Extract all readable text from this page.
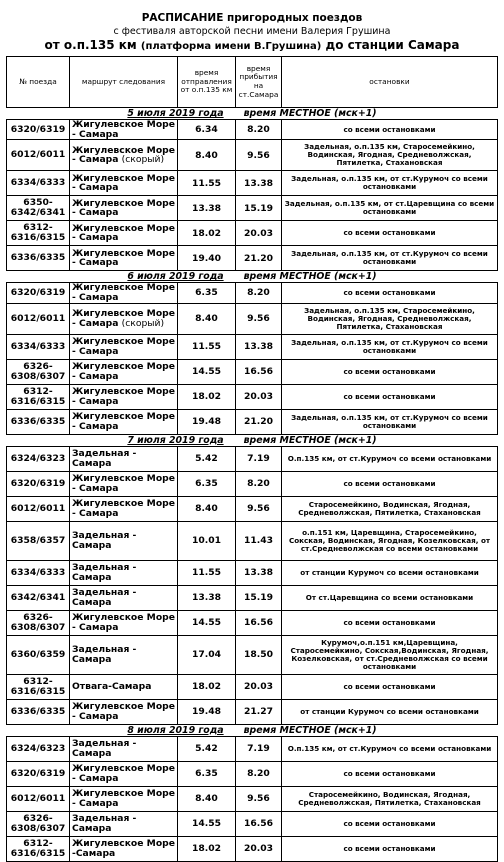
РАСПИСАНИЕ пригородных поездов
с фестиваля авторской песни имени Валерия Грушина
от о.п.135 км (платформа имени В.Грушина) до станции Самара
№ поезда	маршрут следования	время отправления от о.п.135 км	время прибытия на ст.Самара	остановки
5 июля 2019 года время МЕСТНОЕ (мск+1)				
6320/6319	Жигулевское Море - Самара	6.34	8.20	со всеми остановками
6012/6011	Жигулевское Море - Самара (скорый)	8.40	9.56	Задельная, о.п.135 км, Старосемейкино, Водинская, Ягодная, Средневолжская, Пятилетка, Стахановская
6334/6333	Жигулевское Море - Самара	11.55	13.38	Задельная, о.п.135 км, от ст.Курумоч со всеми остановками
6350-6342/6341	Жигулевское Море - Самара	13.38	15.19	Задельная, о.п.135 км, от ст.Царевщина со всеми остановками
6312-6316/6315	Жигулевское Море - Самара	18.02	20.03	со всеми остановками
6336/6335	Жигулевское Море - Самара	19.40	21.20	Задельная, о.п.135 км, от ст.Курумоч со всеми остановками
6 июля 2019 года время МЕСТНОЕ (мск+1)				
6320/6319	Жигулевское Море - Самара	6.35	8.20	со всеми остановками
6012/6011	Жигулевское Море - Самара (скорый)	8.40	9.56	Задельная, о.п.135 км, Старосемейкино, Водинская, Ягодная, Средневолжская, Пятилетка, Стахановская
6334/6333	Жигулевское Море - Самара	11.55	13.38	Задельная, о.п.135 км, от ст.Курумоч со всеми остановками
6326-6308/6307	Жигулевское Море - Самара	14.55	16.56	со всеми остановками
6312-6316/6315	Жигулевское Море - Самара	18.02	20.03	со всеми остановками
6336/6335	Жигулевское Море - Самара	19.48	21.20	Задельная, о.п.135 км, от ст.Курумоч со всеми остановками
7 июля 2019 года время МЕСТНОЕ (мск+1)				
6324/6323	Задельная - Самара	5.42	7.19	О.п.135 км, от ст.Курумоч со всеми остановками
6320/6319	Жигулевское Море - Самара	6.35	8.20	со всеми остановками
6012/6011	Жигулевское Море - Самара	8.40	9.56	Старосемейкино, Водинская, Ягодная, Средневолжская, Пятилетка, Стахановская
6358/6357	Задельная - Самара	10.01	11.43	о.п.151 км, Царевщина, Старосемейкино, Сокская, Водинская, Ягодная, Козелковская, от ст.Средневолжская со всеми остановками
6334/6333	Задельная - Самара	11.55	13.38	от станции Курумоч со всеми остановками
6342/6341	Задельная - Самара	13.38	15.19	От ст.Царевщина со всеми остановками
6326-6308/6307	Жигулевское Море - Самара	14.55	16.56	со всеми остановками
6360/6359	Задельная - Самара	17.04	18.50	Курумоч,о.п.151 км,Царевщина, Старосемейкино, Сокская,Водинская, Ягодная, Козелковская, от ст.Средневолжская со всеми остановками
6312-6316/6315	Отвага-Самара	18.02	20.03	со всеми остановками
6336/6335	Жигулевское Море - Самара	19.48	21.27	от станции Курумоч со всеми остановками
8 июля 2019 года время МЕСТНОЕ (мск+1)				
6324/6323	Задельная - Самара	5.42	7.19	О.п.135 км, от ст.Курумоч со всеми остановками
6320/6319	Жигулевское Море - Самара	6.35	8.20	со всеми остановками
6012/6011	Жигулевское Море - Самара	8.40	9.56	Старосемейкино, Водинская, Ягодная, Средневолжская, Пятилетка, Стахановская
6326-6308/6307	Задельная - Самара	14.55	16.56	со всеми остановками
6312-6316/6315	Жигулевское Море -Самара	18.02	20.03	со всеми остановками
